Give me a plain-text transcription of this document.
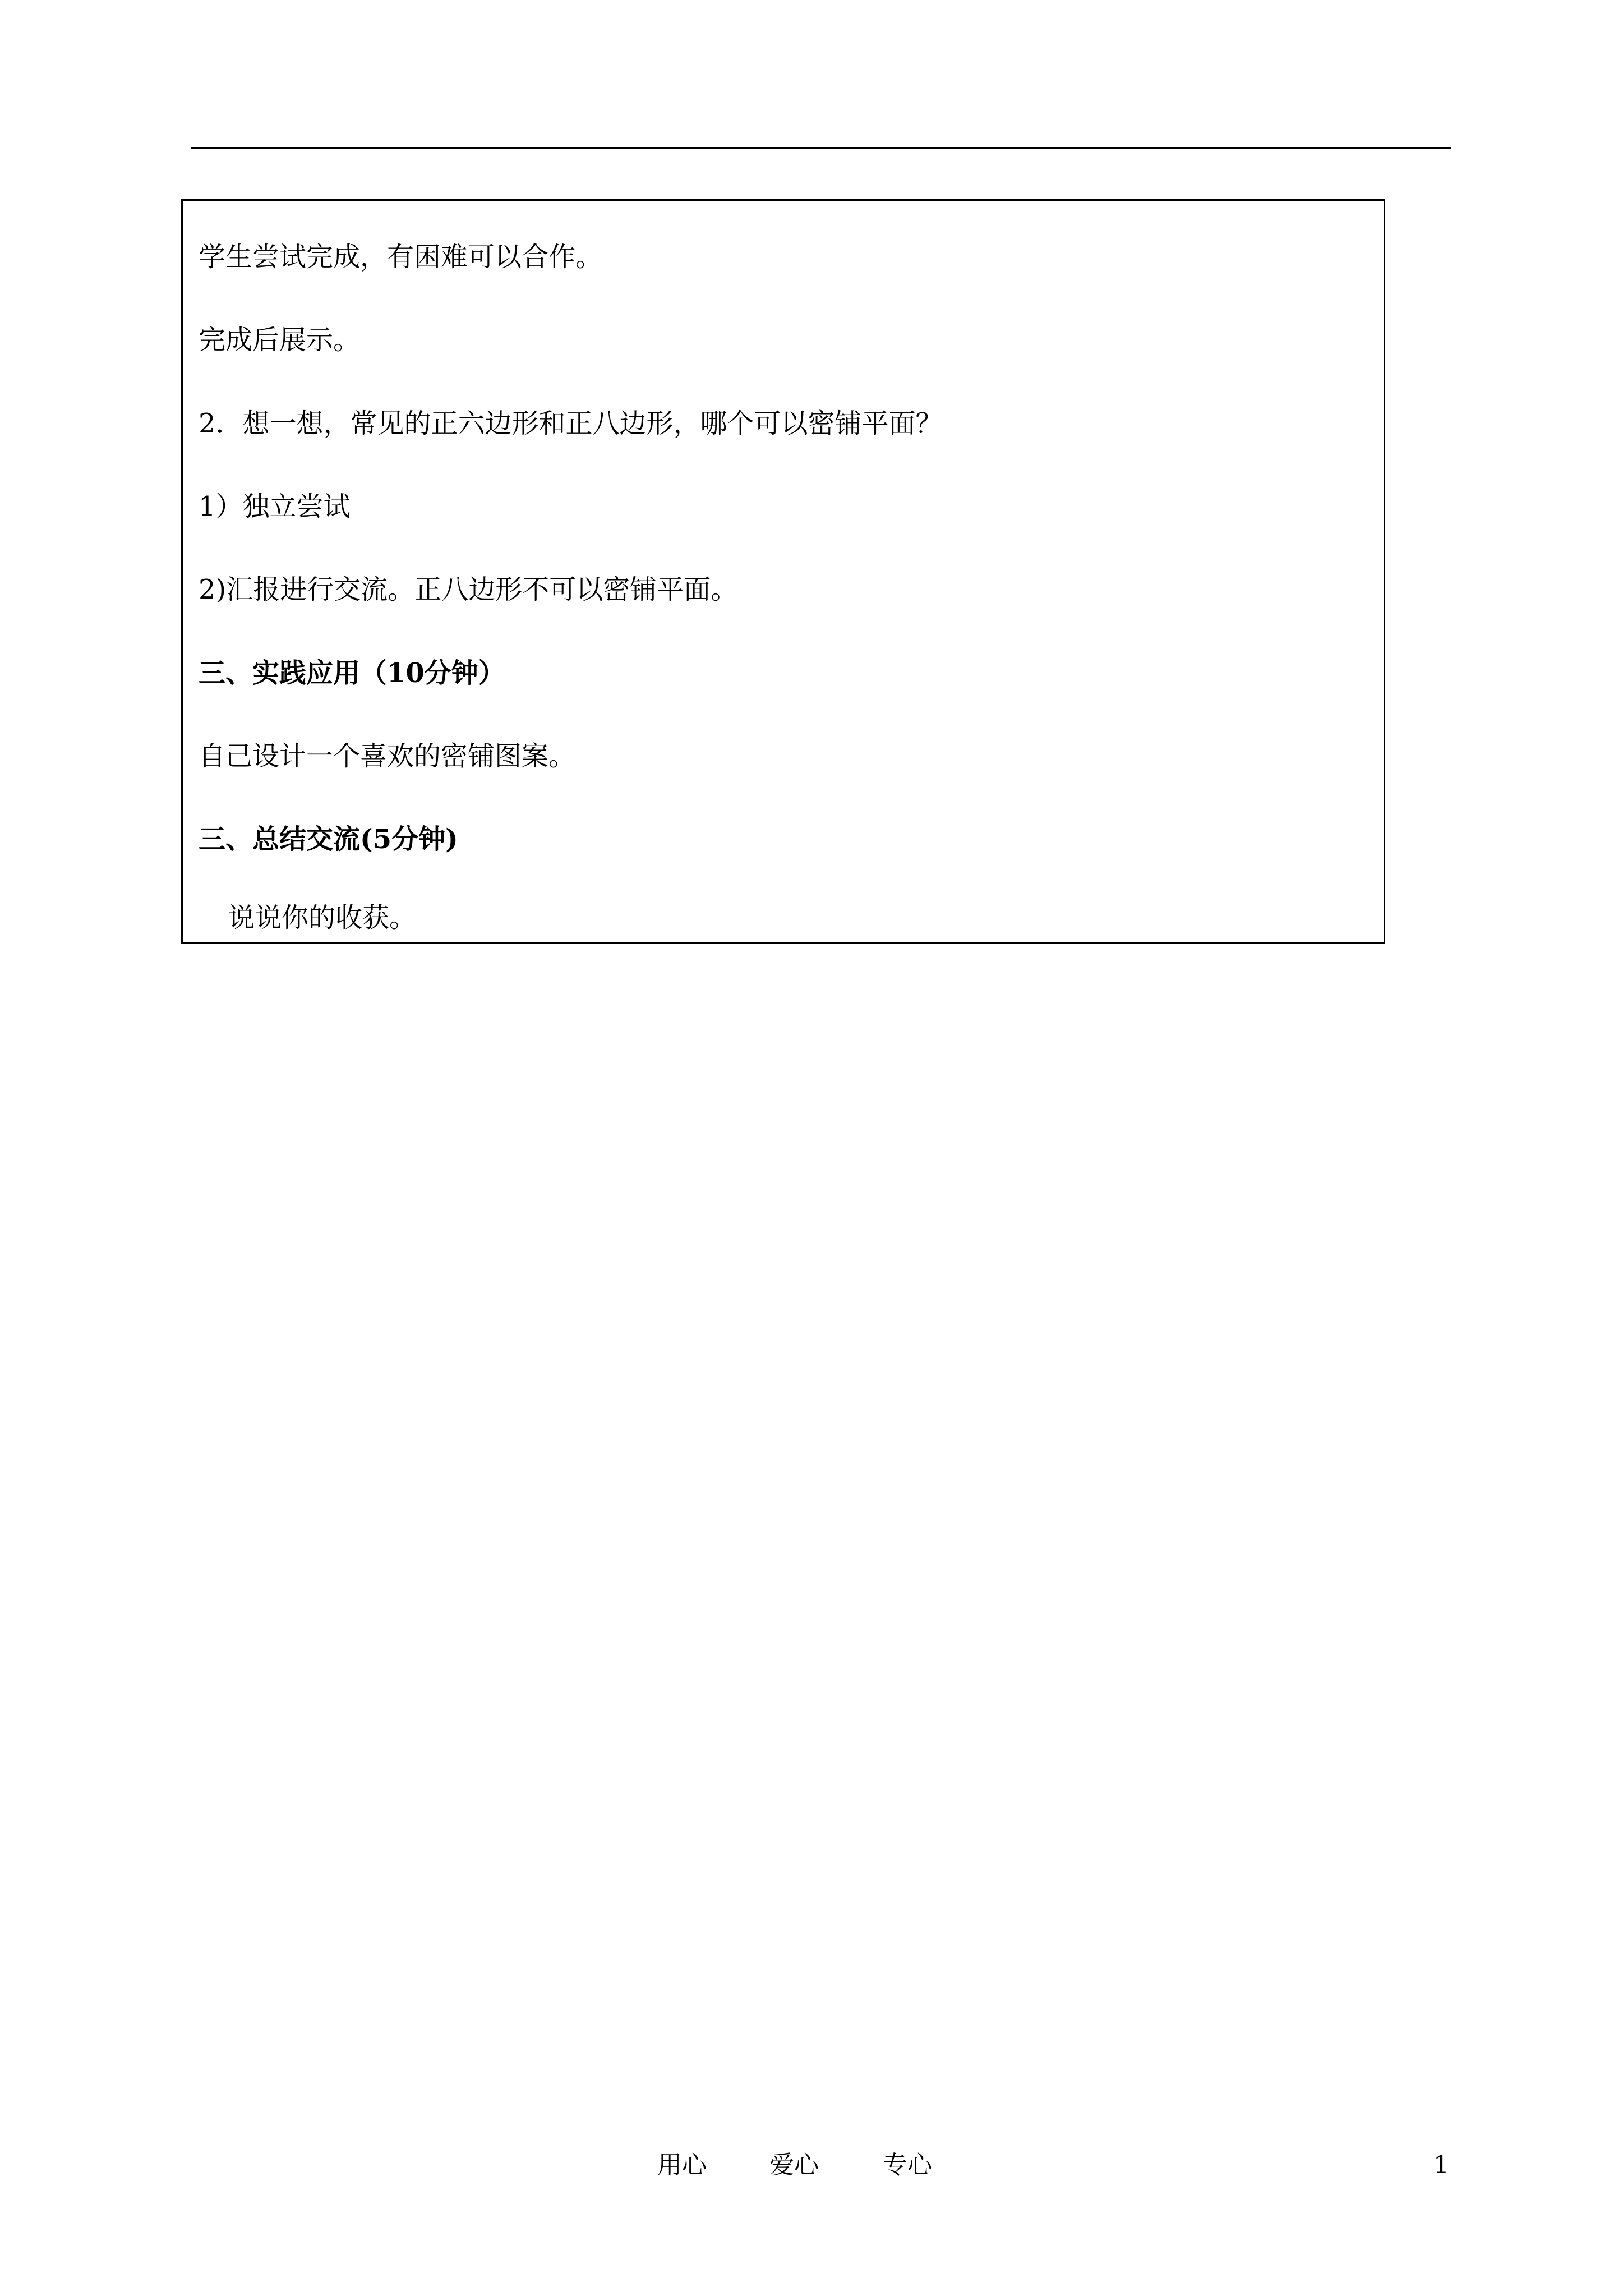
学生尝试完成，有困难可以合作。
完成后展示。
2．想一想，常见的正六边形和正八边形，哪个可以密铺平面？
1）独立尝试
2)汇报进行交流。正八边形不可以密铺平面。
三、实践应用（10分钟）
自己设计一个喜欢的密铺图案。
三、总结交流(5分钟)
说说你的收获。
用心	爱心	专心	1
